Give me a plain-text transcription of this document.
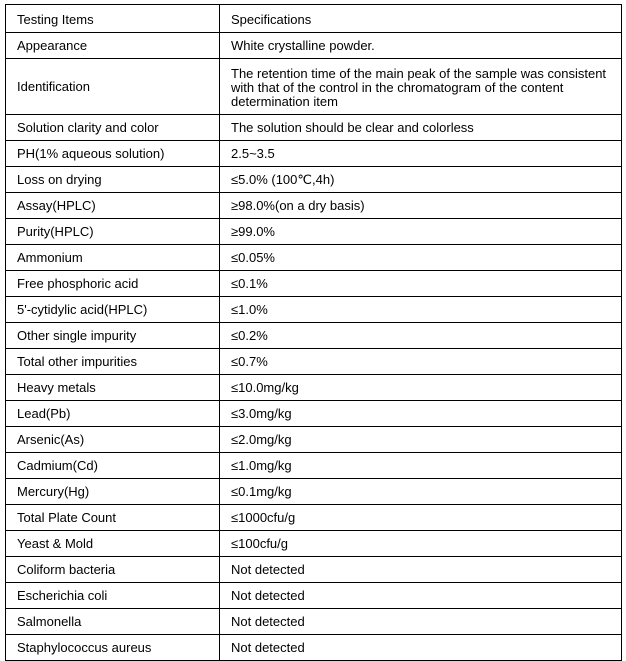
Testing Items	Specifications
Appearance	White crystalline powder.
Identification	The retention time of the main peak of the sample was consistent with that of the control in the chromatogram of the content determination item
Solution clarity and color	The solution should be clear and colorless
PH(1% aqueous solution)	2.5~3.5
Loss on drying	≤5.0% (100℃,4h)
Assay(HPLC)	≥98.0%(on a dry basis)
Purity(HPLC)	≥99.0%
Ammonium	≤0.05%
Free phosphoric acid	≤0.1%
5'-cytidylic acid(HPLC)	≤1.0%
Other single impurity	≤0.2%
Total other impurities	≤0.7%
Heavy metals	≤10.0mg/kg
Lead(Pb)	≤3.0mg/kg
Arsenic(As)	≤2.0mg/kg
Cadmium(Cd)	≤1.0mg/kg
Mercury(Hg)	≤0.1mg/kg
Total Plate Count	≤1000cfu/g
Yeast & Mold	≤100cfu/g
Coliform bacteria	Not detected
Escherichia coli	Not detected
Salmonella	Not detected
Staphylococcus aureus	Not detected
